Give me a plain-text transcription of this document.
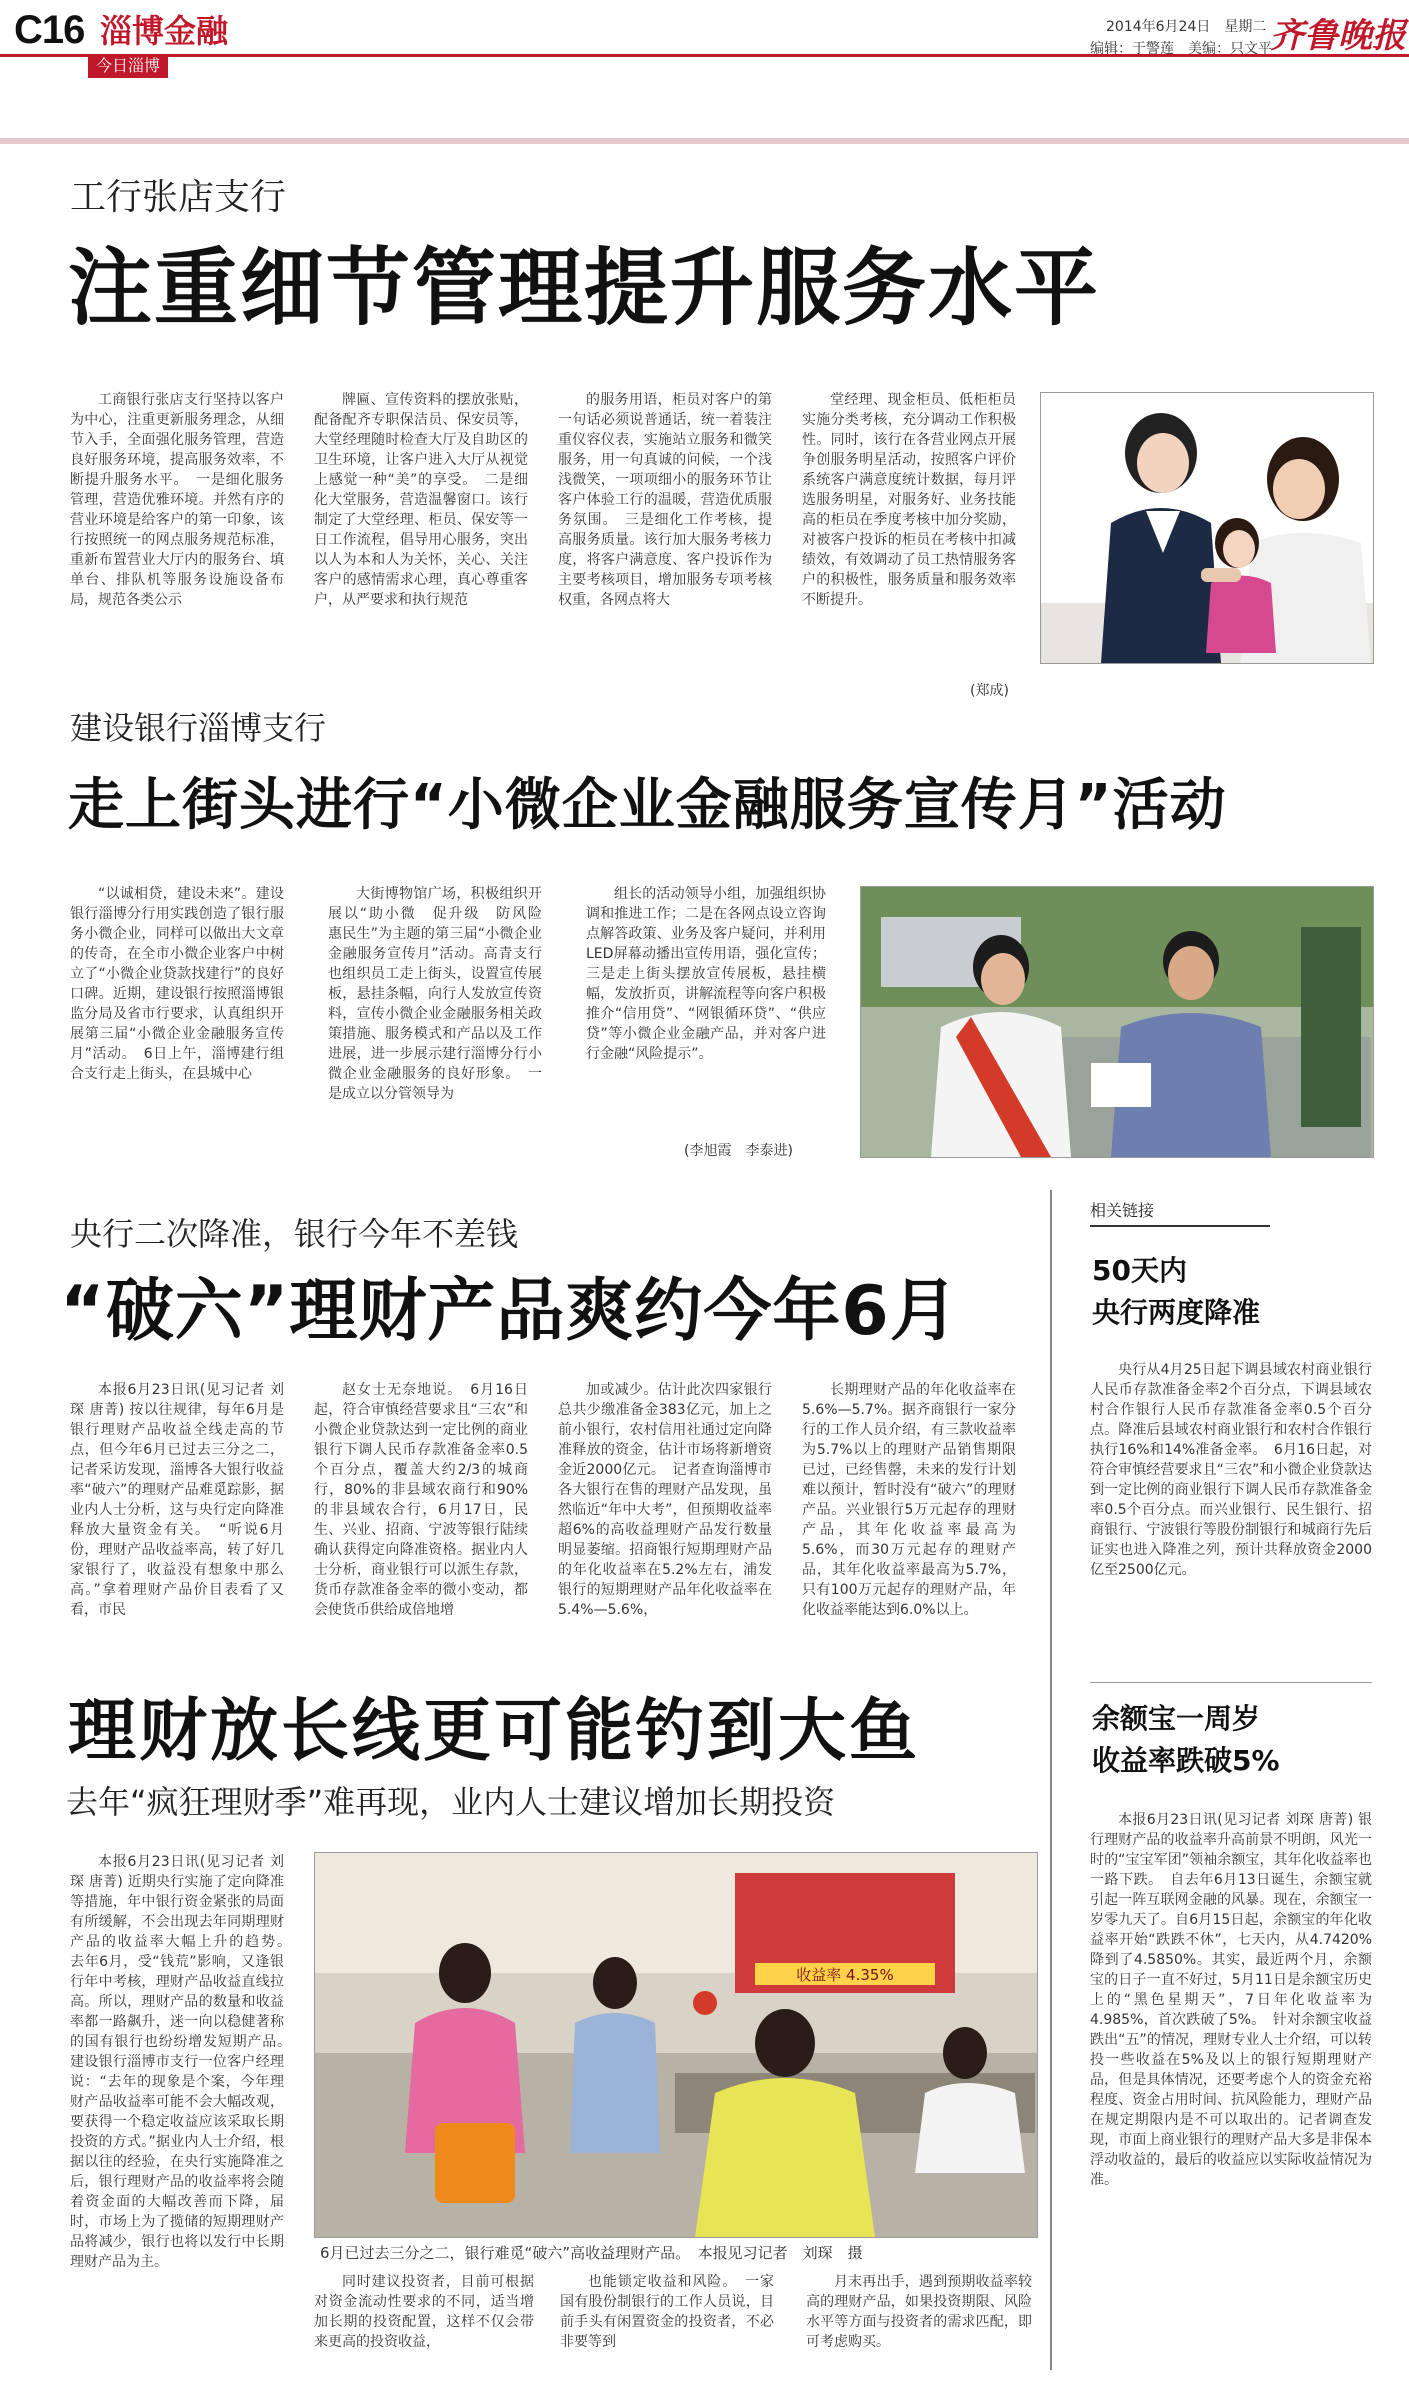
C16 淄博金融
今日淄博
2014年6月24日　星期二
编辑：于警莲　美编：只文平
齐鲁晚报
工行张店支行
注重细节管理提升服务水平

工商银行张店支行坚持以客户为中心，注重更新服务理念，从细节入手，全面强化服务管理，营造良好服务环境，提高服务效率，不断提升服务水平。　一是细化服务管理，营造优雅环境。并然有序的营业环境是给客户的第一印象，该行按照统一的网点服务规范标准，重新布置营业大厅内的服务台、填单台、排队机等服务设施设备布局，规范各类公示

牌匾、宣传资料的摆放张贴，配备配齐专职保洁员、保安员等，大堂经理随时检查大厅及自助区的卫生环境，让客户进入大厅从视觉上感觉一种“美”的享受。　二是细化大堂服务，营造温馨窗口。该行制定了大堂经理、柜员、保安等一日工作流程，倡导用心服务，突出以人为本和人为关怀，关心、关注客户的感情需求心理，真心尊重客户，从严要求和执行规范

的服务用语，柜员对客户的第一句话必须说普通话，统一着装注重仪容仪表，实施站立服务和微笑服务，用一句真诚的问候，一个浅浅微笑，一项项细小的服务环节让客户体验工行的温暖，营造优质服务氛围。　三是细化工作考核，提高服务质量。该行加大服务考核力度，将客户满意度、客户投诉作为主要考核项目，增加服务专项考核权重，各网点将大

堂经理、现金柜员、低柜柜员实施分类考核，充分调动工作积极性。同时，该行在各营业网点开展争创服务明星活动，按照客户评价系统客户满意度统计数据，每月评选服务明星，对服务好、业务技能高的柜员在季度考核中加分奖励，对被客户投诉的柜员在考核中扣减绩效，有效调动了员工热情服务客户的积极性，服务质量和服务效率不断提升。

(郑成)
建设银行淄博支行
走上街头进行“小微企业金融服务宣传月”活动

“以诚相贷，建设未来”。建设银行淄博分行用实践创造了银行服务小微企业，同样可以做出大文章的传奇，在全市小微企业客户中树立了“小微企业贷款找建行”的良好口碑。近期，建设银行按照淄博银监分局及省市行要求，认真组织开展第三届“小微企业金融服务宣传月”活动。　6日上午，淄博建行组合支行走上街头，在县城中心

大街博物馆广场，积极组织开展以“助小微　促升级　防风险　惠民生”为主题的第三届“小微企业金融服务宣传月”活动。高青支行也组织员工走上街头，设置宣传展板，悬挂条幅，向行人发放宣传资料，宣传小微企业金融服务相关政策措施、服务模式和产品以及工作进展，进一步展示建行淄博分行小微企业金融服务的良好形象。　一是成立以分管领导为

组长的活动领导小组，加强组织协调和推进工作；二是在各网点设立咨询点解答政策、业务及客户疑问，并利用LED屏幕动播出宣传用语，强化宣传；三是走上街头摆放宣传展板，悬挂横幅，发放折页，讲解流程等向客户积极推介“信用贷”、“网银循环贷”、“供应贷”等小微企业金融产品，并对客户进行金融“风险提示”。

(李旭霞　李泰进)
央行二次降准，银行今年不差钱
“破六”理财产品爽约今年6月

本报6月23日讯(见习记者 刘琛 唐菁) 按以往规律，每年6月是银行理财产品收益全线走高的节点，但今年6月已过去三分之二，记者采访发现，淄博各大银行收益率“破六”的理财产品难觅踪影，据业内人士分析，这与央行定向降准释放大量资金有关。　“听说6月份，理财产品收益率高，转了好几家银行了，收益没有想象中那么高。”拿着理财产品价目表看了又看，市民

赵女士无奈地说。　6月16日起，符合审慎经营要求且“三农”和小微企业贷款达到一定比例的商业银行下调人民币存款准备金率0.5个百分点，覆盖大约2/3的城商行，80%的非县域农商行和90%的非县域农合行，6月17日，民生、兴业、招商、宁波等银行陆续确认获得定向降准资格。据业内人士分析，商业银行可以派生存款，货币存款准备金率的微小变动，都会使货币供给成倍地增

加或减少。估计此次四家银行总共少缴准备金383亿元，加上之前小银行，农村信用社通过定向降准释放的资金，估计市场将新增资金近2000亿元。　记者查询淄博市各大银行在售的理财产品发现，虽然临近“年中大考”，但预期收益率超6%的高收益理财产品发行数量明显萎缩。招商银行短期理财产品的年化收益率在5.2%左右，浦发银行的短期理财产品年化收益率在5.4%—5.6%，

长期理财产品的年化收益率在5.6%—5.7%。据齐商银行一家分行的工作人员介绍，有三款收益率为5.7%以上的理财产品销售期限已过，已经售罄，未来的发行计划难以预计，暂时没有“破六”的理财产品。兴业银行5万元起存的理财产品，其年化收益率最高为5.6%，而30万元起存的理财产品，其年化收益率最高为5.7%，只有100万元起存的理财产品，年化收益率能达到6.0%以上。

相关链接
50天内
央行两度降准

央行从4月25日起下调县域农村商业银行人民币存款准备金率2个百分点，下调县域农村合作银行人民币存款准备金率0.5个百分点。降准后县域农村商业银行和农村合作银行执行16%和14%准备金率。　6月16日起，对符合审慎经营要求且“三农”和小微企业贷款达到一定比例的商业银行下调人民币存款准备金率0.5个百分点。而兴业银行、民生银行、招商银行、宁波银行等股份制银行和城商行先后证实也进入降准之列，预计共释放资金2000亿至2500亿元。

余额宝一周岁
收益率跌破5%

本报6月23日讯(见习记者 刘琛 唐菁) 银行理财产品的收益率升高前景不明朗，风光一时的“宝宝军团”领袖余额宝，其年化收益率也一路下跌。　自去年6月13日诞生，余额宝就引起一阵互联网金融的风暴。现在，余额宝一岁零九天了。自6月15日起，余额宝的年化收益率开始“跌跌不休”，七天内，从4.7420%降到了4.5850%。其实，最近两个月，余额宝的日子一直不好过，5月11日是余额宝历史上的“黑色星期天”，7日年化收益率为4.985%，首次跌破了5%。　针对余额宝收益跌出“五”的情况，理财专业人士介绍，可以转投一些收益在5%及以上的银行短期理财产品，但是具体情况，还要考虑个人的资金充裕程度、资金占用时间、抗风险能力，理财产品在规定期限内是不可以取出的。记者调查发现，市面上商业银行的理财产品大多是非保本浮动收益的，最后的收益应以实际收益情况为准。

理财放长线更可能钓到大鱼
去年“疯狂理财季”难再现，业内人士建议增加长期投资

本报6月23日讯(见习记者 刘琛 唐菁) 近期央行实施了定向降准等措施，年中银行资金紧张的局面有所缓解，不会出现去年同期理财产品的收益率大幅上升的趋势。　去年6月，受“钱荒”影响，又逢银行年中考核，理财产品收益直线拉高。所以，理财产品的数量和收益率都一路飙升，迷一向以稳健著称的国有银行也纷纷增发短期产品。　建设银行淄博市支行一位客户经理说：“去年的现象是个案，今年理财产品收益率可能不会大幅改观，要获得一个稳定收益应该采取长期投资的方式。”据业内人士介绍，根据以往的经验，在央行实施降准之后，银行理财产品的收益率将会随着资金面的大幅改善而下降，届时，市场上为了揽储的短期理财产品将减少，银行也将以发行中长期理财产品为主。

收益率 4.35%
6月已过去三分之二，银行难觅“破六”高收益理财产品。　本报见习记者　刘琛　摄

同时建议投资者，目前可根据对资金流动性要求的不同，适当增加长期的投资配置，这样不仅会带来更高的投资收益，

也能锁定收益和风险。　一家国有股份制银行的工作人员说，目前手头有闲置资金的投资者，不必非要等到

月末再出手，遇到预期收益率较高的理财产品，如果投资期限、风险水平等方面与投资者的需求匹配，即可考虑购买。
